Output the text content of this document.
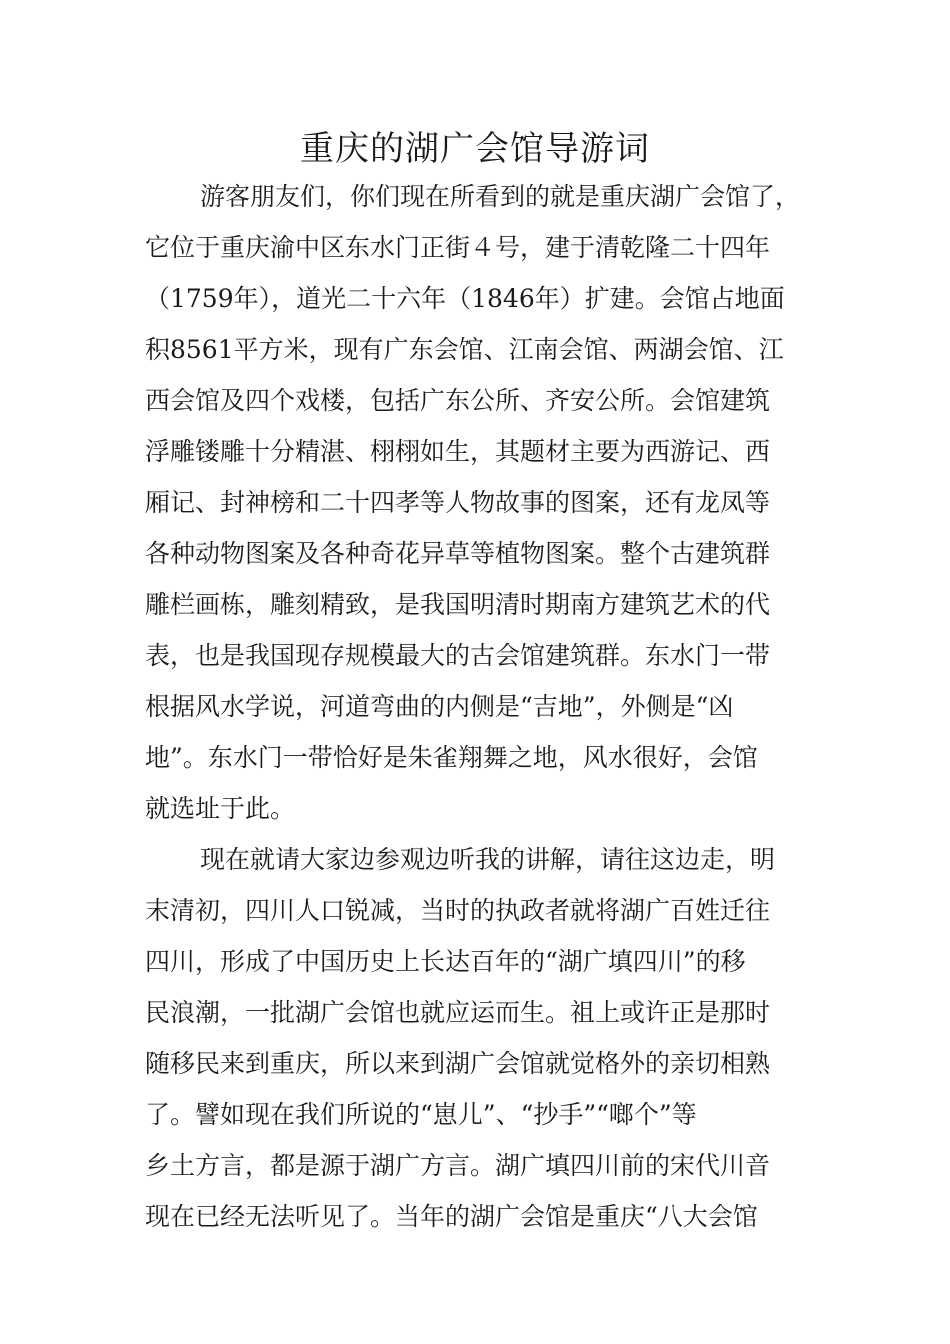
重庆的湖广会馆导游词
游客朋友们，你们现在所看到的就是重庆湖广会馆了，
它位于重庆渝中区东水门正街４号，建于清乾隆二十四年
（1759年），道光二十六年（1846年）扩建。会馆占地面
积8561平方米，现有广东会馆、江南会馆、两湖会馆、江
西会馆及四个戏楼，包括广东公所、齐安公所。会馆建筑
浮雕镂雕十分精湛、栩栩如生，其题材主要为西游记、西
厢记、封神榜和二十四孝等人物故事的图案，还有龙凤等
各种动物图案及各种奇花异草等植物图案。整个古建筑群
雕栏画栋，雕刻精致，是我国明清时期南方建筑艺术的代
表，也是我国现存规模最大的古会馆建筑群。东水门一带
根据风水学说，河道弯曲的内侧是“吉地”，外侧是“凶
地”。东水门一带恰好是朱雀翔舞之地，风水很好，会馆
就选址于此。
现在就请大家边参观边听我的讲解，请往这边走，明
末清初，四川人口锐减，当时的执政者就将湖广百姓迁往
四川，形成了中国历史上长达百年的“湖广填四川”的移
民浪潮，一批湖广会馆也就应运而生。祖上或许正是那时
随移民来到重庆，所以来到湖广会馆就觉格外的亲切相熟
了。譬如现在我们所说的“崽儿”、“抄手”“啷个”等
乡土方言，都是源于湖广方言。湖广填四川前的宋代川音
现在已经无法听见了。当年的湖广会馆是重庆“八大会馆
